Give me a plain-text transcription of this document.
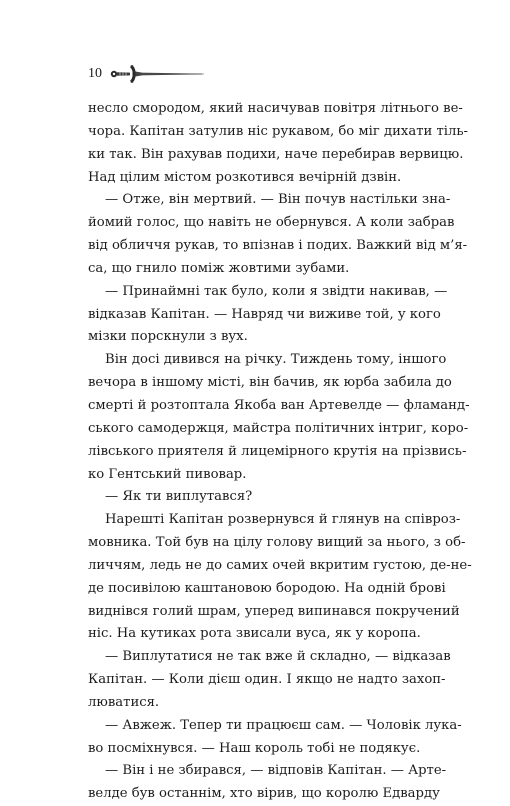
10
несло смородом, який насичував повітря літнього ве-
чора. Капітан затулив ніс рукавом, бо міг дихати тіль-
ки так. Він рахував подихи, наче перебирав вервицю.
Над цілим містом розкотився вечірній дзвін.
— Отже, він мертвий. — Він почув настільки зна-
йомий голос, що навіть не обернувся. А коли забрав
від обличчя рукав, то впізнав і подих. Важкий від м’я-
са, що гнило поміж жовтими зубами.
— Принаймні так було, коли я звідти накивав, —
відказав Капітан. — Навряд чи виживе той, у кого
мізки порскнули з вух.
Він досі дивився на річку. Тиждень тому, іншого
вечора в іншому місті, він бачив, як юрба забила до
смерті й розтоптала Якоба ван Артевелде — фламанд-
ського самодержця, майстра політичних інтриг, коро-
лівського приятеля й лицемірного крутія на прізвись-
ко Гентський пивовар.
— Як ти виплутався?
Нарешті Капітан розвернувся й глянув на співроз-
мовника. Той був на цілу голову вищий за нього, з об-
личчям, ледь не до самих очей вкритим густою, де-не-
де посивілою каштановою бородою. На одній брові
виднівся голий шрам, уперед випинався покручений
ніс. На кутиках рота звисали вуса, як у коропа.
— Виплутатися не так вже й складно, — відказав
Капітан. — Коли дієш один. І якщо не надто захоп-
люватися.
— Авжеж. Тепер ти працюєш сам. — Чоловік лука-
во посміхнувся. — Наш король тобі не подякує.
— Він і не збирався, — відповів Капітан. — Арте-
велде був останнім, хто вірив, що королю Едварду
